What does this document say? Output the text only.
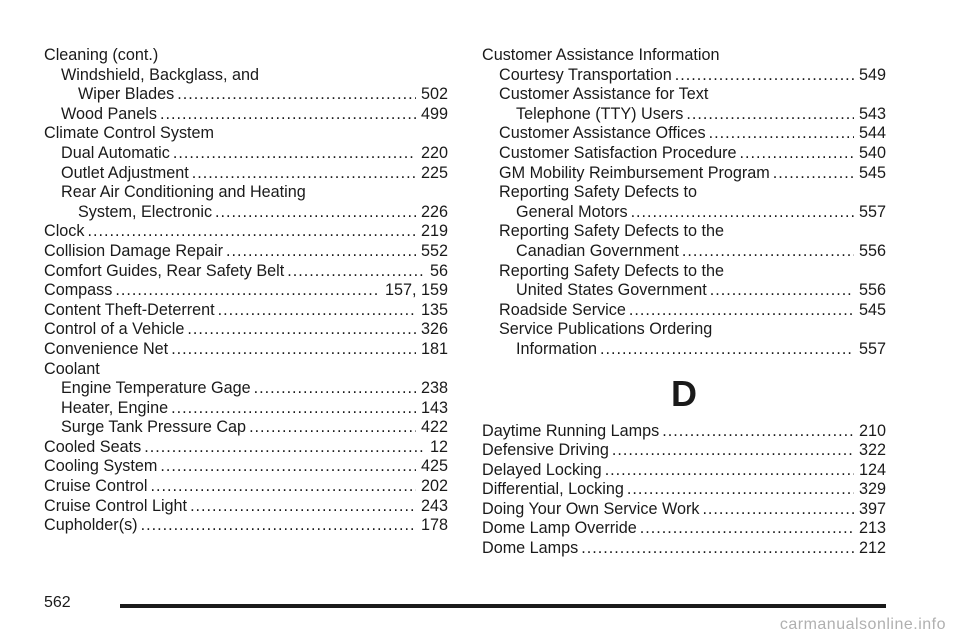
Cleaning (cont.)
Windshield, Backglass, and
Wiper Blades .....	502
Wood Panels .....	499
Climate Control System
Dual Automatic .....	220
Outlet Adjustment .....	225
Rear Air Conditioning and Heating
System, Electronic .....	226
Clock .....	219
Collision Damage Repair .....	552
Comfort Guides, Rear Safety Belt .....	56
Compass .....	157, 159
Content Theft-Deterrent .....	135
Control of a Vehicle .....	326
Convenience Net .....	181
Coolant
Engine Temperature Gage .....	238
Heater, Engine .....	143
Surge Tank Pressure Cap .....	422
Cooled Seats .....	12
Cooling System .....	425
Cruise Control .....	202
Cruise Control Light .....	243
Cupholder(s) .....	178
Customer Assistance Information
Courtesy Transportation .....	549
Customer Assistance for Text
Telephone (TTY) Users .....	543
Customer Assistance Offices .....	544
Customer Satisfaction Procedure .....	540
GM Mobility Reimbursement Program .....	545
Reporting Safety Defects to
General Motors .....	557
Reporting Safety Defects to the
Canadian Government .....	556
Reporting Safety Defects to the
United States Government .....	556
Roadside Service .....	545
Service Publications Ordering
Information .....	557
D
Daytime Running Lamps .....	210
Defensive Driving .....	322
Delayed Locking .....	124
Differential, Locking .....	329
Doing Your Own Service Work .....	397
Dome Lamp Override .....	213
Dome Lamps .....	212
562
carmanualsonline.info
